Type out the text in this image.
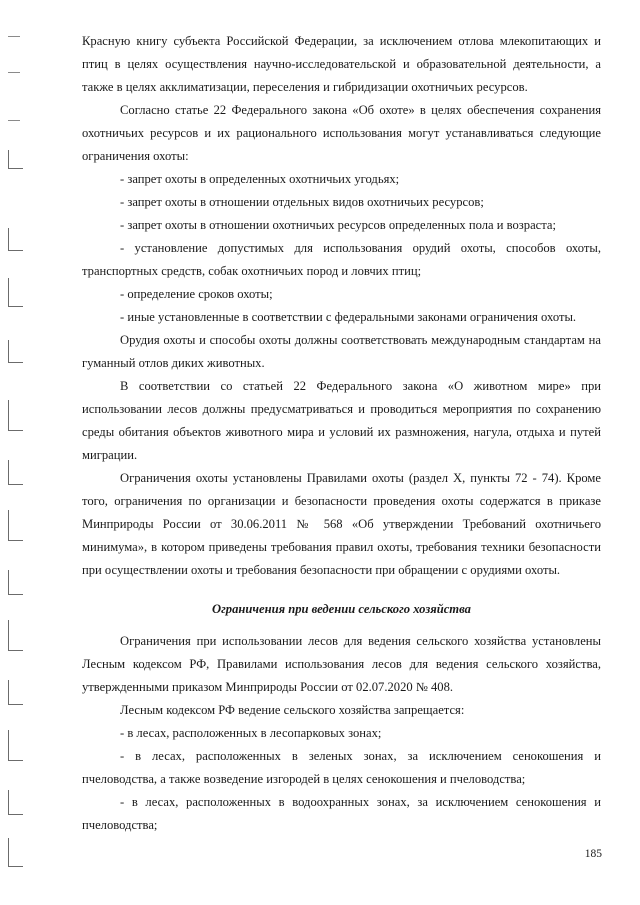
Красную книгу субъекта Российской Федерации, за исключением отлова млекопитающих и птиц в целях осуществления научно-исследовательской и образовательной деятельности, а также в целях акклиматизации, переселения и гибридизации охотничьих ресурсов.

Согласно статье 22 Федерального закона «Об охоте» в целях обеспечения сохранения охотничьих ресурсов и их рационального использования могут устанавливаться следующие ограничения охоты:

- запрет охоты в определенных охотничьих угодьях;

- запрет охоты в отношении отдельных видов охотничьих ресурсов;

- запрет охоты в отношении охотничьих ресурсов определенных пола и возраста;

- установление допустимых для использования орудий охоты, способов охоты, транспортных средств, собак охотничьих пород и ловчих птиц;

- определение сроков охоты;

- иные установленные в соответствии с федеральными законами ограничения охоты.

Орудия охоты и способы охоты должны соответствовать международным стандартам на гуманный отлов диких животных.

В соответствии со статьей 22 Федерального закона «О животном мире» при использовании лесов должны предусматриваться и проводиться мероприятия по сохранению среды обитания объектов животного мира и условий их размножения, нагула, отдыха и путей миграции.

Ограничения охоты установлены Правилами охоты (раздел X, пункты 72 - 74). Кроме того, ограничения по организации и безопасности проведения охоты содержатся в приказе Минприроды России от 30.06.2011 № 568 «Об утверждении Требований охотничьего минимума», в котором приведены требования правил охоты, требования техники безопасности при осуществлении охоты и требования безопасности при обращении с орудиями охоты.

Ограничения при ведении сельского хозяйства

Ограничения при использовании лесов для ведения сельского хозяйства установлены Лесным кодексом РФ, Правилами использования лесов для ведения сельского хозяйства, утвержденными приказом Минприроды России от 02.07.2020 № 408.

Лесным кодексом РФ ведение сельского хозяйства запрещается:

- в лесах, расположенных в лесопарковых зонах;

- в лесах, расположенных в зеленых зонах, за исключением сенокошения и пчеловодства, а также возведение изгородей в целях сенокошения и пчеловодства;

- в лесах, расположенных в водоохранных зонах, за исключением сенокошения и пчеловодства;

185
